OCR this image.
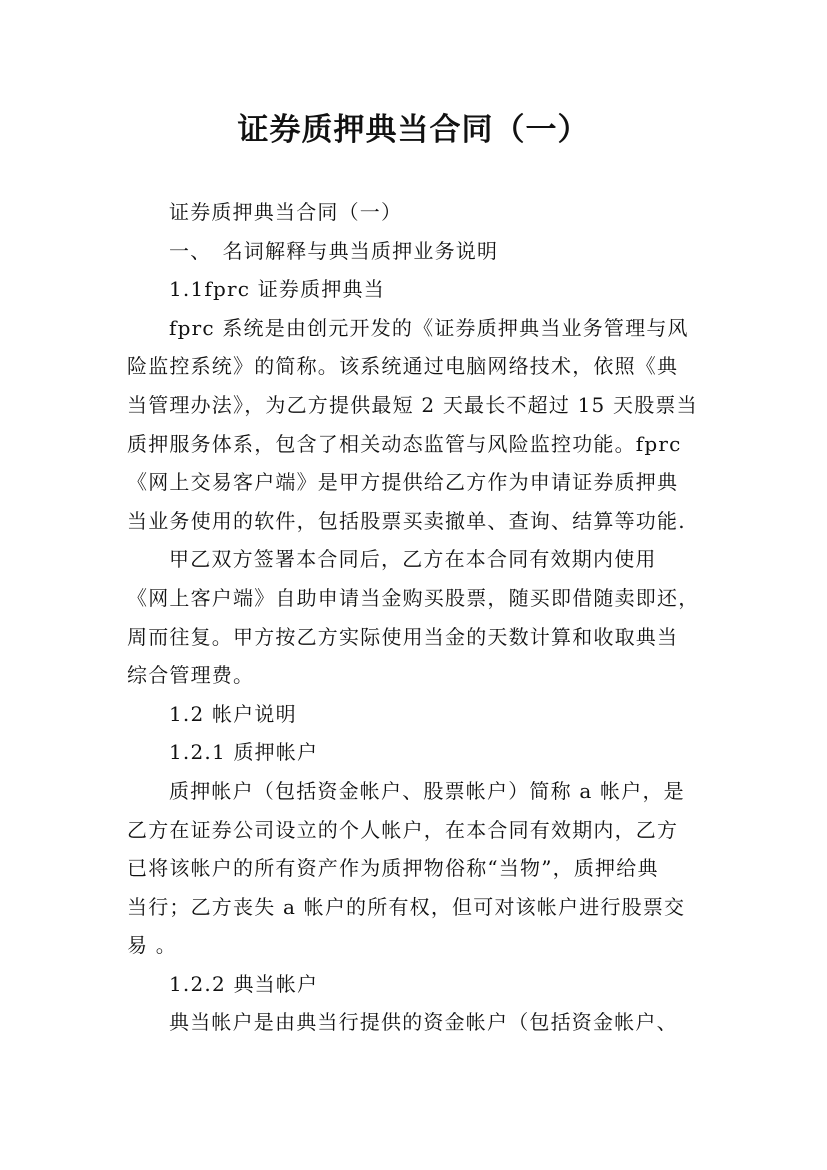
证券质押典当合同（一）
证券质押典当合同（一）
一、　名词解释与典当质押业务说明
1.1fprc 证券质押典当
fprc 系统是由创元开发的《证券质押典当业务管理与风
险监控系统》的简称。该系统通过电脑网络技术，依照《典
当管理办法》，为乙方提供最短 2 天最长不超过 15 天股票当
质押服务体系，包含了相关动态监管与风险监控功能。fprc
《网上交易客户端》是甲方提供给乙方作为申请证券质押典
当业务使用的软件，包括股票买卖撤单、查询、结算等功能.
甲乙双方签署本合同后，乙方在本合同有效期内使用
《网上客户端》自助申请当金购买股票，随买即借随卖即还，
周而往复。甲方按乙方实际使用当金的天数计算和收取典当
综合管理费。
1.2 帐户说明
1.2.1 质押帐户
质押帐户（包括资金帐户、股票帐户）简称 a 帐户，是
乙方在证券公司设立的个人帐户，在本合同有效期内，乙方
已将该帐户的所有资产作为质押物俗称“当物”，质押给典
当行；乙方丧失 a 帐户的所有权，但可对该帐户进行股票交
易 。
1.2.2 典当帐户
典当帐户是由典当行提供的资金帐户（包括资金帐户、
